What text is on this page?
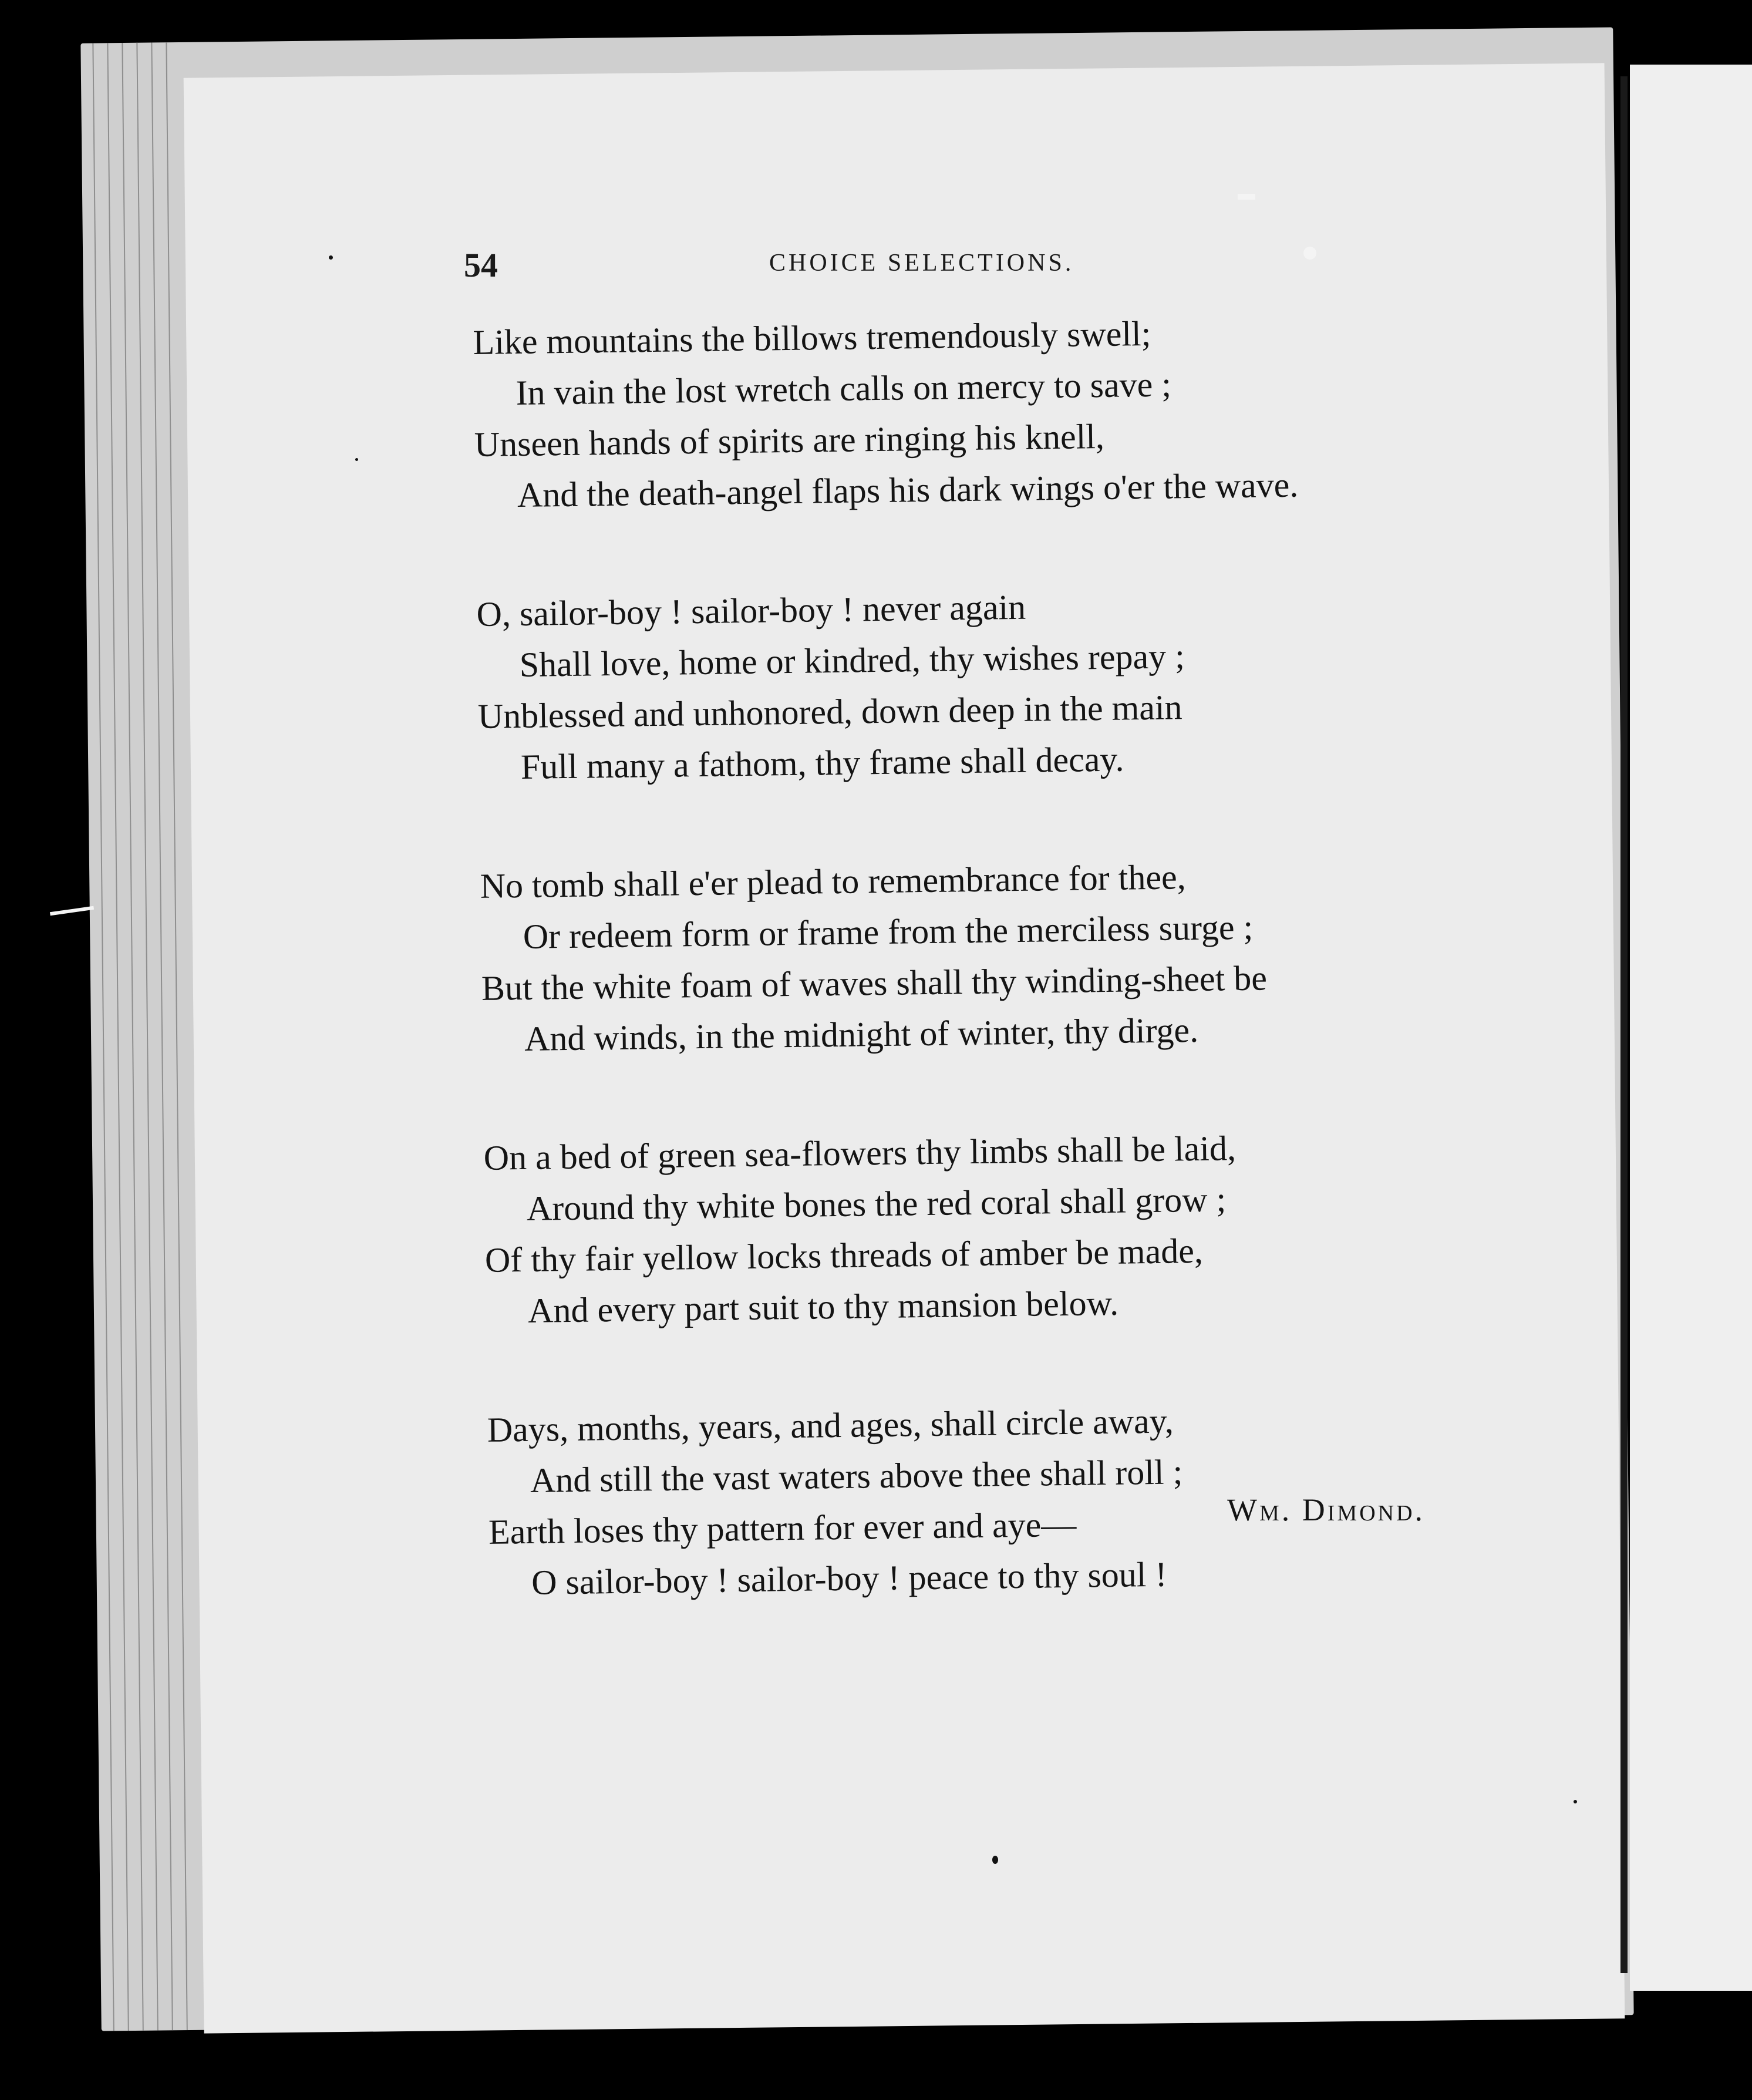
54	CHOICE SELECTIONS.
Like mountains the billows tremendously swell;
In vain the lost wretch calls on mercy to save ;
Unseen hands of spirits are ringing his knell,
And the death-angel flaps his dark wings o'er the wave.
O, sailor-boy ! sailor-boy ! never again
Shall love, home or kindred, thy wishes repay ;
Unblessed and unhonored, down deep in the main
Full many a fathom, thy frame shall decay.
No tomb shall e'er plead to remembrance for thee,
Or redeem form or frame from the merciless surge ;
But the white foam of waves shall thy winding-sheet be
And winds, in the midnight of winter, thy dirge.
On a bed of green sea-flowers thy limbs shall be laid,
Around thy white bones the red coral shall grow ;
Of thy fair yellow locks threads of amber be made,
And every part suit to thy mansion below.
Days, months, years, and ages, shall circle away,
And still the vast waters above thee shall roll ;
Earth loses thy pattern for ever and aye—
O sailor-boy ! sailor-boy ! peace to thy soul !
Wm. Dimond.
